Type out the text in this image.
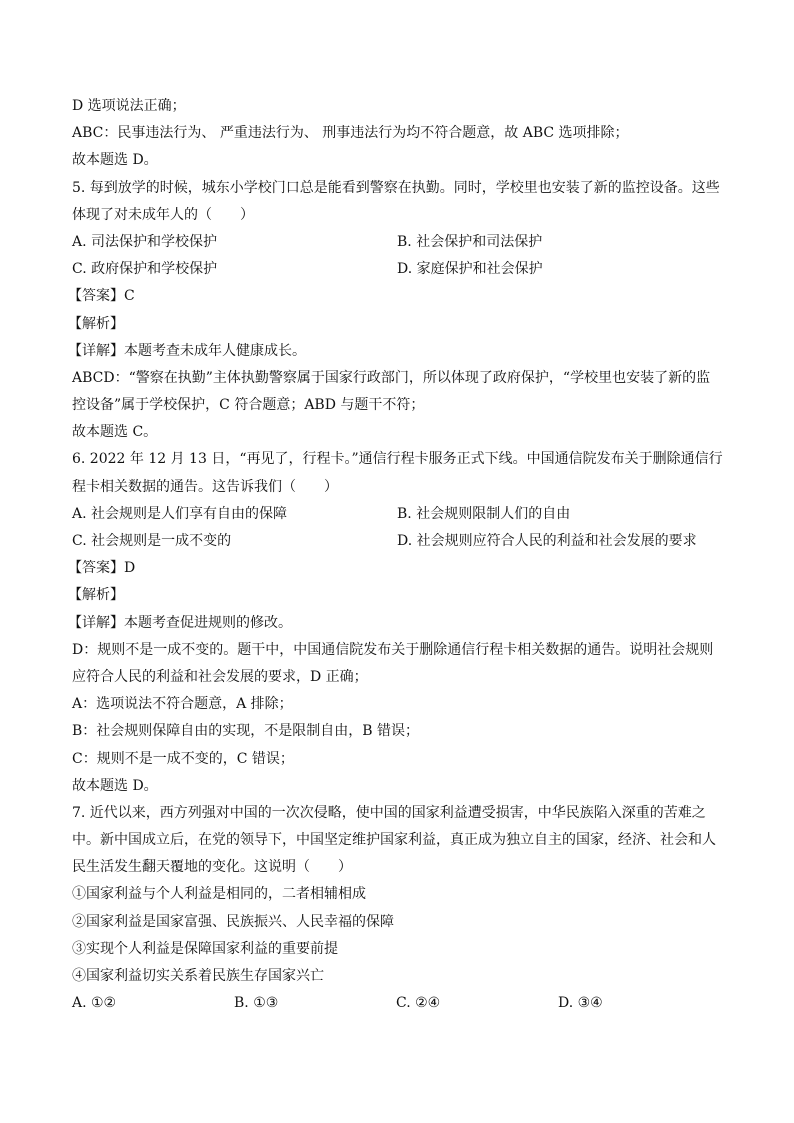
D 选项说法正确；
ABC：民事违法行为、 严重违法行为、 刑事违法行为均不符合题意，故 ABC 选项排除；
故本题选 D。
5. 每到放学的时候，城东小学校门口总是能看到警察在执勤。同时，学校里也安装了新的监控设备。这些
体现了对未成年人的（　　）
A. 司法保护和学校保护	B. 社会保护和司法保护
C. 政府保护和学校保护	D. 家庭保护和社会保护
【答案】C
【解析】
【详解】本题考查未成年人健康成长。
ABCD：“警察在执勤”主体执勤警察属于国家行政部门，所以体现了政府保护，“学校里也安装了新的监
控设备”属于学校保护，C 符合题意；ABD 与题干不符；
故本题选 C。
6. 2022 年 12 月 13 日，“再见了，行程卡。”通信行程卡服务正式下线。中国通信院发布关于删除通信行
程卡相关数据的通告。这告诉我们（　　）
A. 社会规则是人们享有自由的保障	B. 社会规则限制人们的自由
C. 社会规则是一成不变的	D. 社会规则应符合人民的利益和社会发展的要求
【答案】D
【解析】
【详解】本题考查促进规则的修改。
D：规则不是一成不变的。题干中，中国通信院发布关于删除通信行程卡相关数据的通告。说明社会规则
应符合人民的利益和社会发展的要求，D 正确；
A：选项说法不符合题意，A 排除；
B：社会规则保障自由的实现，不是限制自由，B 错误；
C：规则不是一成不变的，C 错误；
故本题选 D。
7. 近代以来，西方列强对中国的一次次侵略，使中国的国家利益遭受损害，中华民族陷入深重的苦难之
中。新中国成立后，在党的领导下，中国坚定维护国家利益，真正成为独立自主的国家，经济、社会和人
民生活发生翻天覆地的变化。这说明（　　）
①国家利益与个人利益是相同的，二者相辅相成
②国家利益是国家富强、民族振兴、人民幸福的保障
③实现个人利益是保障国家利益的重要前提
④国家利益切实关系着民族生存国家兴亡
A. ①②	B. ①③	C. ②④	D. ③④
